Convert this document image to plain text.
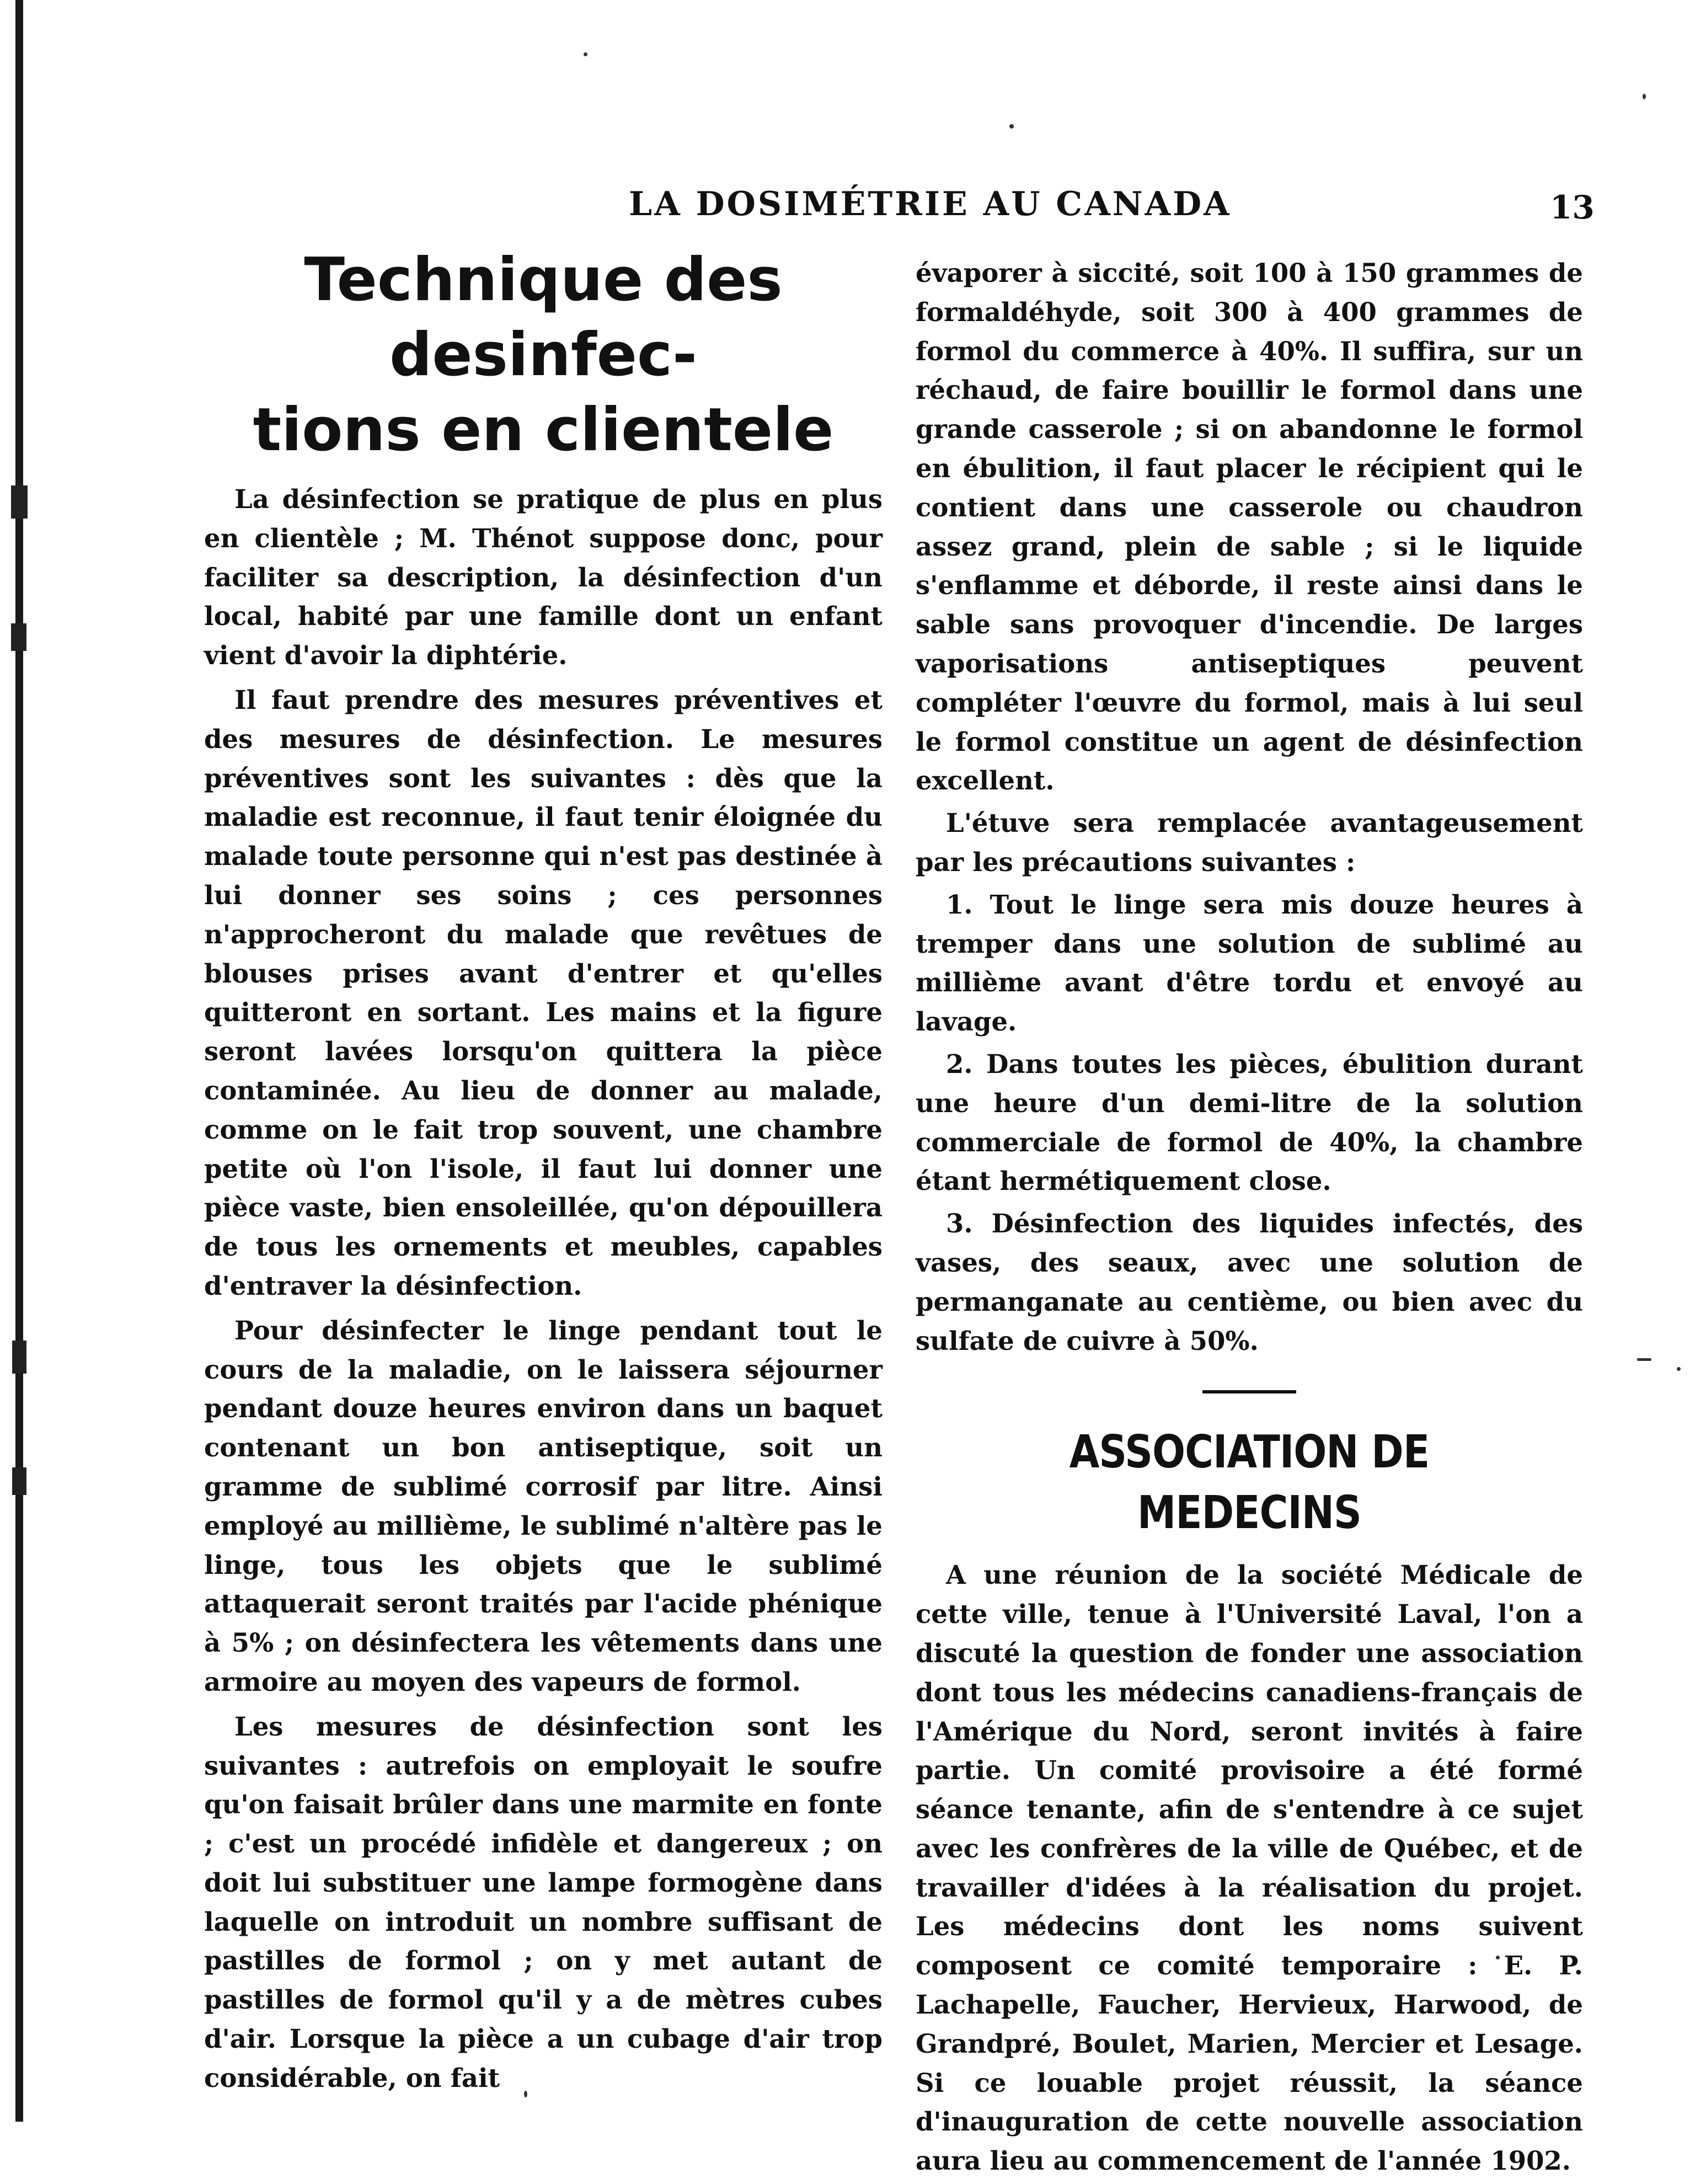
LA DOSIMÉTRIE AU CANADA	13
Technique des desinfec-
tions en clientele

La désinfection se pratique de plus en plus en clientèle ; M. Thénot suppose donc, pour faciliter sa description, la désinfection d'un local, habité par une famille dont un enfant vient d'avoir la diphtérie.

Il faut prendre des mesures préventives et des mesures de désinfection. Le mesures préventives sont les suivantes : dès que la maladie est reconnue, il faut tenir éloignée du malade toute personne qui n'est pas destinée à lui donner ses soins ; ces personnes n'approcheront du malade que revêtues de blouses prises avant d'entrer et qu'elles quitteront en sortant. Les mains et la figure seront lavées lorsqu'on quittera la pièce contaminée. Au lieu de donner au malade, comme on le fait trop souvent, une chambre petite où l'on l'isole, il faut lui donner une pièce vaste, bien ensoleillée, qu'on dépouillera de tous les ornements et meubles, capables d'entraver la désinfection.

Pour désinfecter le linge pendant tout le cours de la maladie, on le laissera séjourner pendant douze heures environ dans un baquet contenant un bon antiseptique, soit un gramme de sublimé corrosif par litre. Ainsi employé au millième, le sublimé n'altère pas le linge, tous les objets que le sublimé attaquerait seront traités par l'acide phénique à 5% ; on désinfectera les vêtements dans une armoire au moyen des vapeurs de formol.

Les mesures de désinfection sont les suivantes : autrefois on employait le soufre qu'on faisait brûler dans une marmite en fonte ; c'est un procédé infidèle et dangereux ; on doit lui substituer une lampe formogène dans laquelle on introduit un nombre suffisant de pastilles de formol ; on y met autant de pastilles de formol qu'il y a de mètres cubes d'air. Lorsque la pièce a un cubage d'air trop considérable, on fait

évaporer à siccité, soit 100 à 150 grammes de formaldéhyde, soit 300 à 400 grammes de formol du commerce à 40%. Il suffira, sur un réchaud, de faire bouillir le formol dans une grande casserole ; si on abandonne le formol en ébulition, il faut placer le récipient qui le contient dans une casserole ou chaudron assez grand, plein de sable ; si le liquide s'enflamme et déborde, il reste ainsi dans le sable sans provoquer d'incendie. De larges vaporisations antiseptiques peuvent compléter l'œuvre du formol, mais à lui seul le formol constitue un agent de désinfection excellent.

L'étuve sera remplacée avantageusement par les précautions suivantes :

1. Tout le linge sera mis douze heures à tremper dans une solution de sublimé au millième avant d'être tordu et envoyé au lavage.

2. Dans toutes les pièces, ébulition durant une heure d'un demi-litre de la solution commerciale de formol de 40%, la chambre étant hermétiquement close.

3. Désinfection des liquides infectés, des vases, des seaux, avec une solution de permanganate au centième, ou bien avec du sulfate de cuivre à 50%.

ASSOCIATION DE MEDECINS

A une réunion de la société Médicale de cette ville, tenue à l'Université Laval, l'on a discuté la question de fonder une association dont tous les médecins canadiens-français de l'Amérique du Nord, seront invités à faire partie. Un comité provisoire a été formé séance tenante, afin de s'entendre à ce sujet avec les confrères de la ville de Québec, et de travailler d'idées à la réalisation du projet. Les médecins dont les noms suivent composent ce comité temporaire : E. P. Lachapelle, Faucher, Hervieux, Harwood, de Grandpré, Boulet, Marien, Mercier et Lesage. Si ce louable projet réussit, la séance d'inauguration de cette nouvelle association aura lieu au commencement de l'année 1902.
